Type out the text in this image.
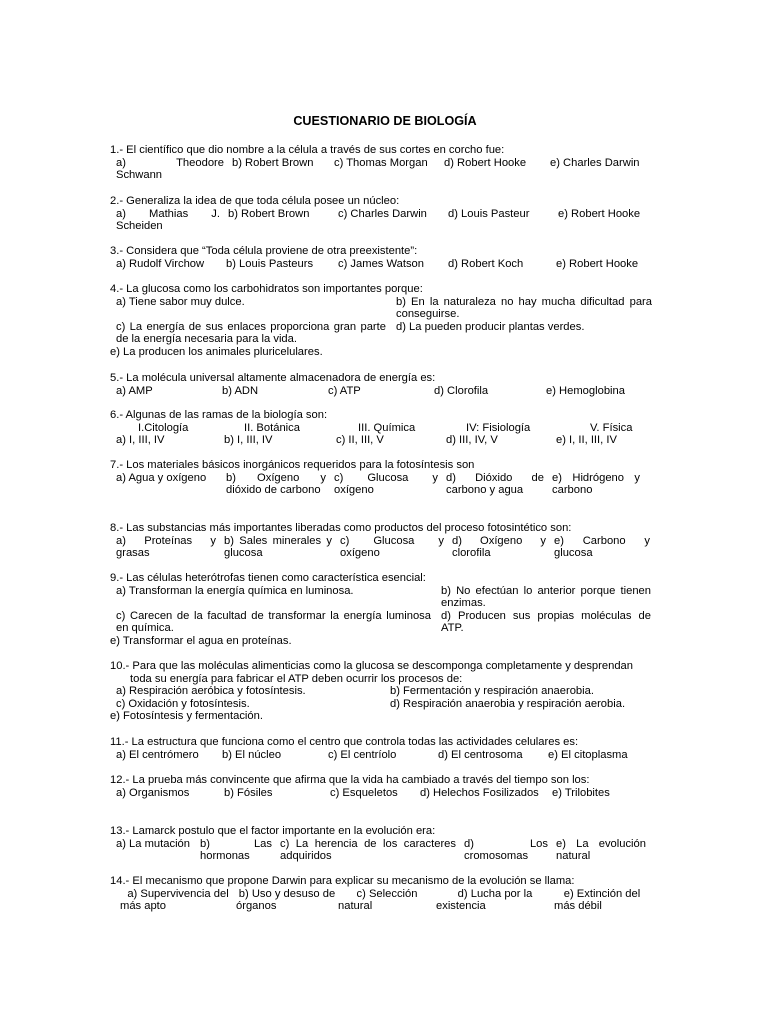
CUESTIONARIO DE BIOLOGÍA
1.- El científico que dio nombre a la célula a través de sus cortes en corcho fue:
a) Theodore Schwann
b) Robert Brown	c) Thomas Morgan	d) Robert Hooke	e) Charles Darwin
2.- Generaliza la idea de que toda célula posee un núcleo:
a) Mathias J. Scheiden
b) Robert Brown	c) Charles Darwin	d) Louis Pasteur	e) Robert Hooke
3.- Considera que “Toda célula proviene de otra preexistente”:
a) Rudolf Virchow	b) Louis Pasteurs	c) James Watson	d) Robert Koch	e) Robert Hooke
4.- La glucosa como los carbohidratos son importantes porque:
a) Tiene sabor muy dulce.	b) En la naturaleza no hay mucha dificultad para conseguirse.
c) La energía de sus enlaces proporciona gran parte de la energía necesaria para la vida.
d) La pueden producir plantas verdes.
e) La producen los animales pluricelulares.
5.- La molécula universal altamente almacenadora de energía es:
a) AMP	b) ADN	c) ATP	d) Clorofila	e) Hemoglobina
6.- Algunas de las ramas de la biología son:
I.Citología	II. Botánica	III. Química	IV: Fisiología	V. Física
a) I, III, IV	b) I, III, IV	c) II, III, V	d) III, IV, V	e) I, II, III, IV
7.- Los materiales básicos inorgánicos requeridos para la fotosíntesis son
a) Agua y oxígeno	b) Oxígeno y dióxido de carbono
c) Glucosa y oxígeno
d) Dióxido de carbono y agua
e) Hidrógeno y carbono
8.- Las substancias más importantes liberadas como productos del proceso fotosintético son:
a) Proteínas y grasas
b) Sales minerales y glucosa
c) Glucosa y oxígeno
d) Oxígeno y clorofila
e) Carbono y glucosa
9.- Las células heterótrofas tienen como característica esencial:
a) Transforman la energía química en luminosa.	b) No efectúan lo anterior porque tienen enzimas.
c) Carecen de la facultad de transformar la energía luminosa en química.
d) Producen sus propias moléculas de ATP.
e) Transformar el agua en proteínas.
10.- Para que las moléculas alimenticias como la glucosa se descomponga completamente y desprendan
toda su energía para fabricar el ATP deben ocurrir los procesos de:
a) Respiración aeróbica y fotosíntesis.	b) Fermentación y respiración anaerobia.
c) Oxidación y fotosíntesis.	d) Respiración anaerobia y respiración aerobia.
e) Fotosíntesis y fermentación.
11.- La estructura que funciona como el centro que controla todas las actividades celulares es:
a) El centrómero	b) El núcleo	c) El centríolo	d) El centrosoma	e) El citoplasma
12.- La prueba más convincente que afirma que la vida ha cambiado a través del tiempo son los:
a) Organismos	b) Fósiles	c) Esqueletos	d) Helechos Fosilizados	e) Trilobites
13.- Lamarck postulo que el factor importante en la evolución era:
a) La mutación b) Las hormonas
c) La herencia de los caracteres adquiridos
d) Los cromosomas
e) La evolución natural
14.- El mecanismo que propone Darwin para explicar su mecanismo de la evolución se llama:
a) Supervivencia del más apto
b) Uso y desuso de órganos
c) Selección natural
d) Lucha por la existencia
e) Extinción del más débil
